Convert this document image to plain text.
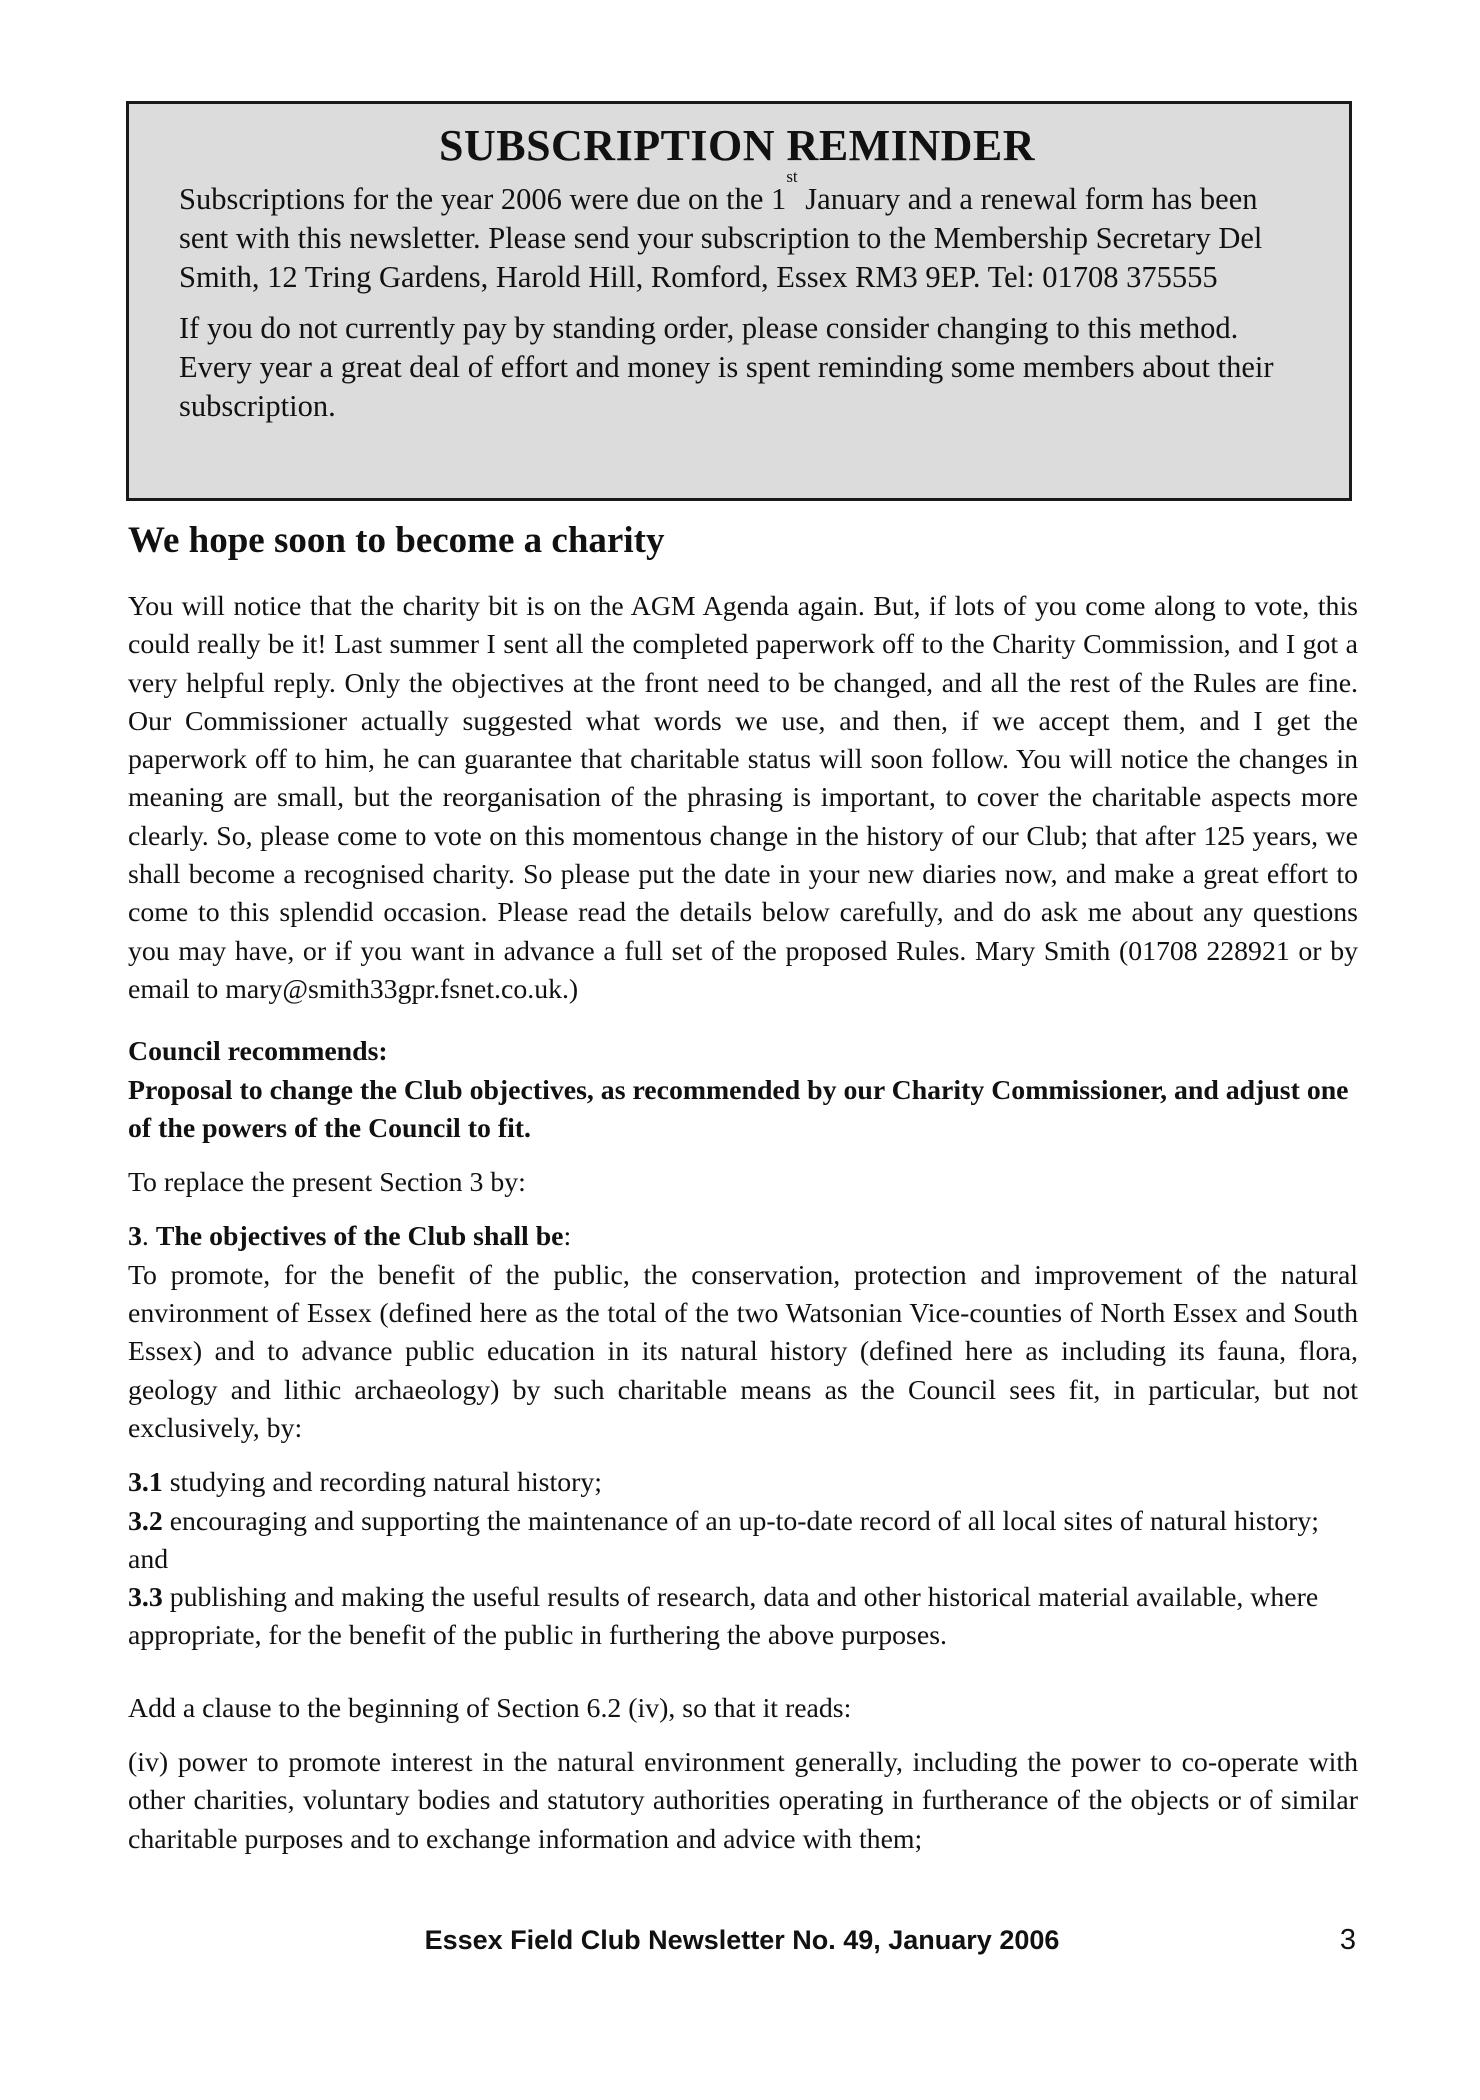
SUBSCRIPTION REMINDER

Subscriptions for the year 2006 were due on the 1st January and a renewal form has been sent with this newsletter. Please send your subscription to the Membership Secretary Del Smith, 12 Tring Gardens, Harold Hill, Romford, Essex RM3 9EP. Tel: 01708 375555

If you do not currently pay by standing order, please consider changing to this method. Every year a great deal of effort and money is spent reminding some members about their subscription.

We hope soon to become a charity

You will notice that the charity bit is on the AGM Agenda again. But, if lots of you come along to vote, this could really be it! Last summer I sent all the completed paperwork off to the Charity Commission, and I got a very helpful reply. Only the objectives at the front need to be changed, and all the rest of the Rules are fine. Our Commissioner actually suggested what words we use, and then, if we accept them, and I get the paperwork off to him, he can guarantee that charitable status will soon follow. You will notice the changes in meaning are small, but the reorganisation of the phrasing is important, to cover the charitable aspects more clearly. So, please come to vote on this momentous change in the history of our Club; that after 125 years, we shall become a recognised charity. So please put the date in your new diaries now, and make a great effort to come to this splendid occasion. Please read the details below carefully, and do ask me about any questions you may have, or if you want in advance a full set of the proposed Rules. Mary Smith (01708 228921 or by email to mary@smith33gpr.fsnet.co.uk.)

Council recommends:

Proposal to change the Club objectives, as recommended by our Charity Commissioner, and adjust one of the powers of the Council to fit.

To replace the present Section 3 by:

3. The objectives of the Club shall be:

To promote, for the benefit of the public, the conservation, protection and improvement of the natural environment of Essex (defined here as the total of the two Watsonian Vice-counties of North Essex and South Essex) and to advance public education in its natural history (defined here as including its fauna, flora, geology and lithic archaeology) by such charitable means as the Council sees fit, in particular, but not exclusively, by:

3.1 studying and recording natural history;

3.2 encouraging and supporting the maintenance of an up-to-date record of all local sites of natural history; and

3.3 publishing and making the useful results of research, data and other historical material available, where appropriate, for the benefit of the public in furthering the above purposes.

Add a clause to the beginning of Section 6.2 (iv), so that it reads:

(iv) power to promote interest in the natural environment generally, including the power to co-operate with other charities, voluntary bodies and statutory authorities operating in furtherance of the objects or of similar charitable purposes and to exchange information and advice with them;

Essex Field Club Newsletter No. 49, January 2006	3
